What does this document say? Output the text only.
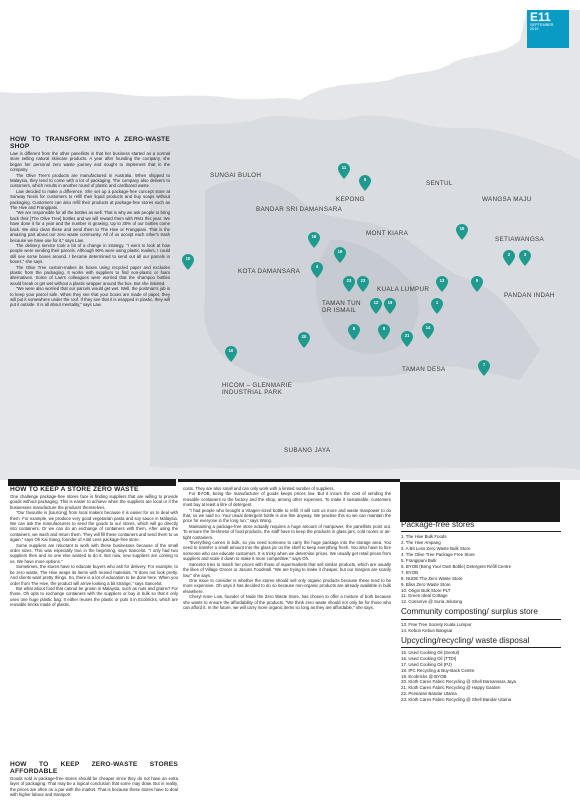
E11
SEPTEMBER
2019
SUNGAI BULOH
KEPONG
SENTUL
WANGSA MAJU
BANDAR SRI DAMANSARA
MONT KIARA
SETIAWANGSA
KOTA DAMANSARA
KUALA LUMPUR
PANDAN INDAH
TAMAN TUN DR ISMAIL
TAMAN DESA
HICOM – GLENMARIE INDUSTRIAL PARK
SUBANG JAYA
11
5
15
2	3
18
16
4
23	22
10
13
12	19
9
1
8	8
21
14
20
7
10
HOW TO TRANSFORM INTO A ZERO-WASTE SHOP

Law is different from the other panellists in that her business started as a normal store selling natural skincare products. A year after founding the company, she began her personal zero waste journey and sought to implement that in the company.

The Olive Tree's products are manufactured in Australia. When shipped to Malaysia, they tend to come with a lot of packaging. The company also delivers to customers, which results in another round of plastic and cardboard waste.

Law decided to make a difference. She set up a package-free concept store at Sunway Nexis for customers to refill their liquid products and buy soaps without packaging. Customers can also refill their products at package-free stores such as The Hive and Frangipani.

"We are responsible for all the bottles as well. That is why we ask people to bring back their [The Olive Tree] bottles and we will reward them with RM1 this year. We have done it for a year and the number is growing. Up to 30% of our bottles come back. We also clean these and send them to The Hive or Frangipani. That is the amazing part about our zero waste community. All of us accept each other's trash because we have use for it," says Law.

The delivery service took a bit of a change in strategy. "I went to look at how people were sending their parcels. Although 90% were using plastic mailers, I could still see some boxes around. I became determined to send out all our parcels in boxes," she says.

The Olive Tree custom-makes its boxes using recycled paper and excludes plastic from the packaging. It works with suppliers to find non-plastic or foam alternatives. Some of Law's colleagues were worried that the shampoo bottles would break or get wet without a plastic wrapper around the box. But she insisted.

"We were also worried that our parcels would get wet. Well, the postman's job is to keep your parcel safe. When they see that your boxes are made of paper, they will put it somewhere under the roof. If they see that it is wrapped in plastic, they will put it outside. It is all about mentality," says Law.

HOW TO KEEP A STORE ZERO WASTE

One challenge package-free stores face is finding suppliers that are willing to provide goods without packaging. This is easier to achieve when the suppliers are local or if the businesses manufacture the products themselves.

"Our favourite is [sourcing] from local makers because it is easier for us to deal with them. For example, we produce very good vegetarian pasta and soy sauce in Malaysia. We can ask the manufacturers to send the goods to our stores, which will go directly into containers. Or we can do an exchange of containers with them. After using the containers, we wash and return them. They will fill these containers and send them to us again," says Oh Kai Siang, founder of A Bit Less package-free store.

Some suppliers are reluctant to work with these businesses because of the small order sizes. This was especially true in the beginning, says Sancelot. "I only had two suppliers then and no one else wanted to do it. But now, new suppliers are coming to us. We have more options."

Sometimes, the stores have to educate buyers who ask for delivery. For example, to be zero waste, The Hive wraps its items with reused materials. "It does not look pretty. And clients want pretty things. So, there is a lot of education to be done here. When you order from The Hive, the product will arrive looking a bit strange," says Sancelot.

But what about food that cannot be grown in Malaysia, such as nuts and grains? For those, Oh opts to exchange containers with the suppliers or buy in bulk so that it only uses one huge plastic bag. It either reuses the plastic or puts it in Ecobricks, which are reusable bricks made of plastic.

HOW TO KEEP ZERO-WASTE STORES AFFORDABLE

Goods sold in package-free stores should be cheaper since they do not have an extra layer of packaging. That may be a logical conclusion that some may draw. But in reality, the prices are often on a par with the market. That is because these stores have to deal with higher labour and transport

costs. They are also small and can only work with a limited number of suppliers.

For BYOB, being the manufacturer of goods keeps prices low. But it incurs the cost of sending the reusable containers to the factory and the shop, among other expenses. To make it sustainable, customers must buy at least a litre of detergent.

"I had people who brought a Vitagen-sized bottle to refill. It will cost us more and waste manpower to do that, so we said no. Your usual detergent bottle is one litre anyway. We practise this so we can maintain the price for everyone in the long run," says Wong.

Maintaining a package-free store actually requires a huge amount of manpower, the panellists point out. To ensure the freshness of food products, the staff have to keep the products in glass jars, cold rooms or air-tight containers.

"Everything comes in bulk, so you need someone to carry the huge package into the storage area. You need to transfer a small amount into the glass jar on the shelf to keep everything fresh. You also have to hire someone who can educate customers. It is tricky when we determine prices. We usually get retail prices from suppliers and scale it down to make it more competitive," says Oh.

Sancelot tries to match her prices with those of supermarkets that sell similar products, which are usually the likes of Village Grocer or Jasons FoodHall. "We are trying to make it cheaper, but our margins are scarily low," she says.

One issue to consider is whether the stores should sell only organic products because these tend to be more expensive. Oh says it has decided to do so because non-organic products are already available in bulk elsewhere.

Cheryl Anne Low, founder of Nude the Zero Waste Store, has chosen to offer a mixture of both because she wants to ensure the affordability of the products. "We think zero waste should not only be for those who can afford it. In the future, we will carry more organic items so long as they are affordable," she says.

Package-free stores
1. The Hive Bulk Foods
2. The Hive Ampang
3. A Bit Less Zero Waste Bulk Store
4. The Olive Tree Package Free Store
5. Frangipani Bulk
6. BYOB (Bring Your Own Bottle) Detergent Refill Centre
7. BYOB
8. NUDE The Zero Waste Store
9. Bliss Zero Waste Store
10. Origin Bulk Store PLT
11. Green Ideal Cottage
12. Conserve @ Suria Jelutong
Community composting/ surplus store
13. Free Tree Society Kuala Lumpur
14. Kebun Kebun Bangsar
Upcycling/recycling/ waste disposal
15. Used Cooking Oil (Sentul)
16. Used Cooking Oil (TTDI)
17. Used Cooking Oil (PJ)
18. IPC Recycling & Buy-Back Centre
19. Ecobricks @ BYOB
20. Kloth Cares Fabric Recycling @ Shell Damansara Jaya
21. Kloth Cares Fabric Recycling @ Happy Garden
22. Persiaran Bandar Utama
23. Kloth Cares Fabric Recycling @ Shell Bandar Utama
